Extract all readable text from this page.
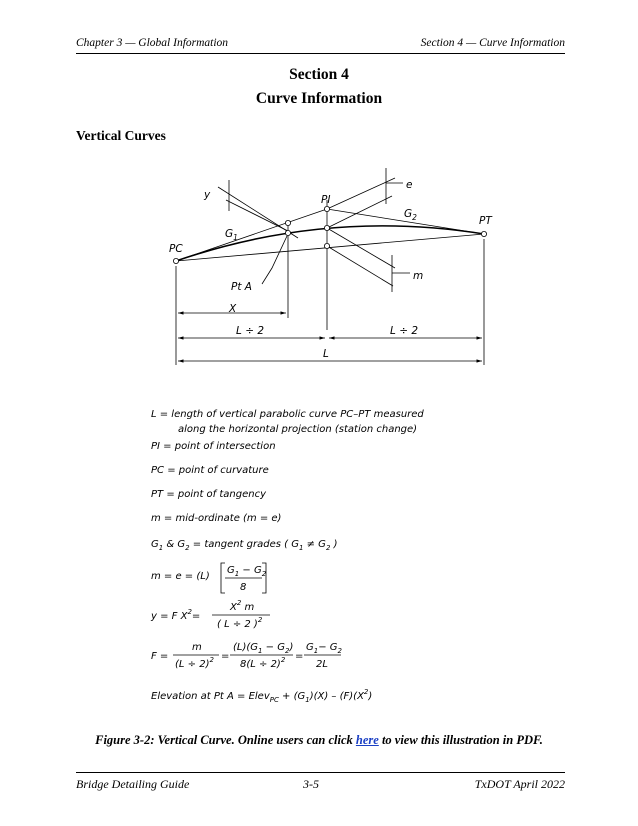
Chapter 3 — Global Information	Section 4 — Curve Information
Section 4
Curve Information
Vertical Curves
y
e
PI
$G_2$	PT
$G_1$
PC
m
Pt A
X
L ÷ 2	L ÷ 2
L
L = length of vertical parabolic curve PC–PT measured
along the horizontal projection (station change)
PI = point of intersection
PC = point of curvature
PT = point of tangency
m = mid-ordinate (m = e)
$G_1$ & $G_2$ = tangent grades ( $G_1 \ne G_2$ )
m = e = (L)
$G_1 - G_2$
8
y = F $X^2=$
$X^2$ m
( L ÷ 2 )$^2$
F =
m
$(L \div 2)^2$ =
$(L)(G_1 - G_2)$
$8(L \div 2)^2$ =
$G_1- G_2$
2L
Elevation at Pt A = Elev$_{PC}$ + $(G_1)(X) - (F)(X^2)$
Figure 3-2: Vertical Curve. Online users can click here to view this illustration in PDF.
Bridge Detailing Guide	3-5	TxDOT April 2022
